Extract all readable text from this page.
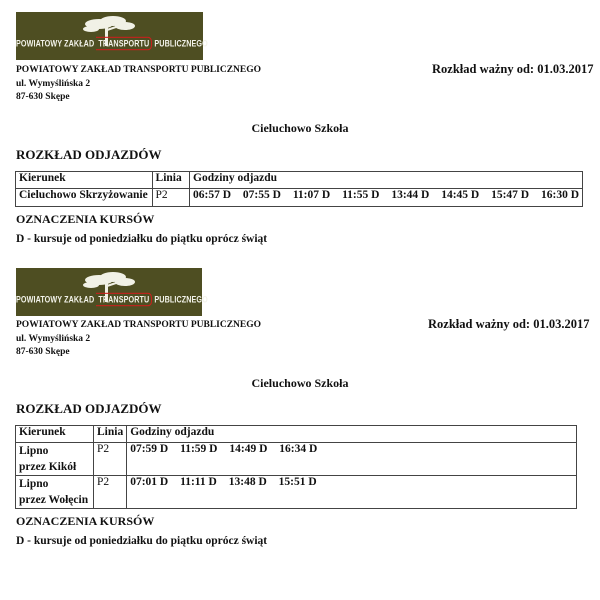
POWIATOWY ZAKŁAD TRANSPORTU PUBLICZNEGO
POWIATOWY ZAKŁAD TRANSPORTU PUBLICZNEGO
ul. Wymyślińska 2
87-630 Skępe
Rozkład ważny od: 01.03.2017
Cieluchowo Szkoła
ROZKŁAD ODJAZDÓW
Kierunek	Linia	Godziny odjazdu
Cieluchowo Skrzyżowanie	P2	06:57 D 07:55 D 11:07 D 11:55 D 13:44 D 14:45 D 15:47 D 16:30 D
OZNACZENIA KURSÓW
D - kursuje od poniedziałku do piątku oprócz świąt
POWIATOWY ZAKŁAD TRANSPORTU PUBLICZNEGO
POWIATOWY ZAKŁAD TRANSPORTU PUBLICZNEGO
ul. Wymyślińska 2
87-630 Skępe
Rozkład ważny od: 01.03.2017
Cieluchowo Szkoła
ROZKŁAD ODJAZDÓW
Kierunek	Linia	Godziny odjazdu

Lipno
przez Kikół	P2	07:59 D 11:59 D 14:49 D 16:34 D

Lipno
przez Wołęcin	P2	07:01 D 11:11 D 13:48 D 15:51 D
OZNACZENIA KURSÓW
D - kursuje od poniedziałku do piątku oprócz świąt
